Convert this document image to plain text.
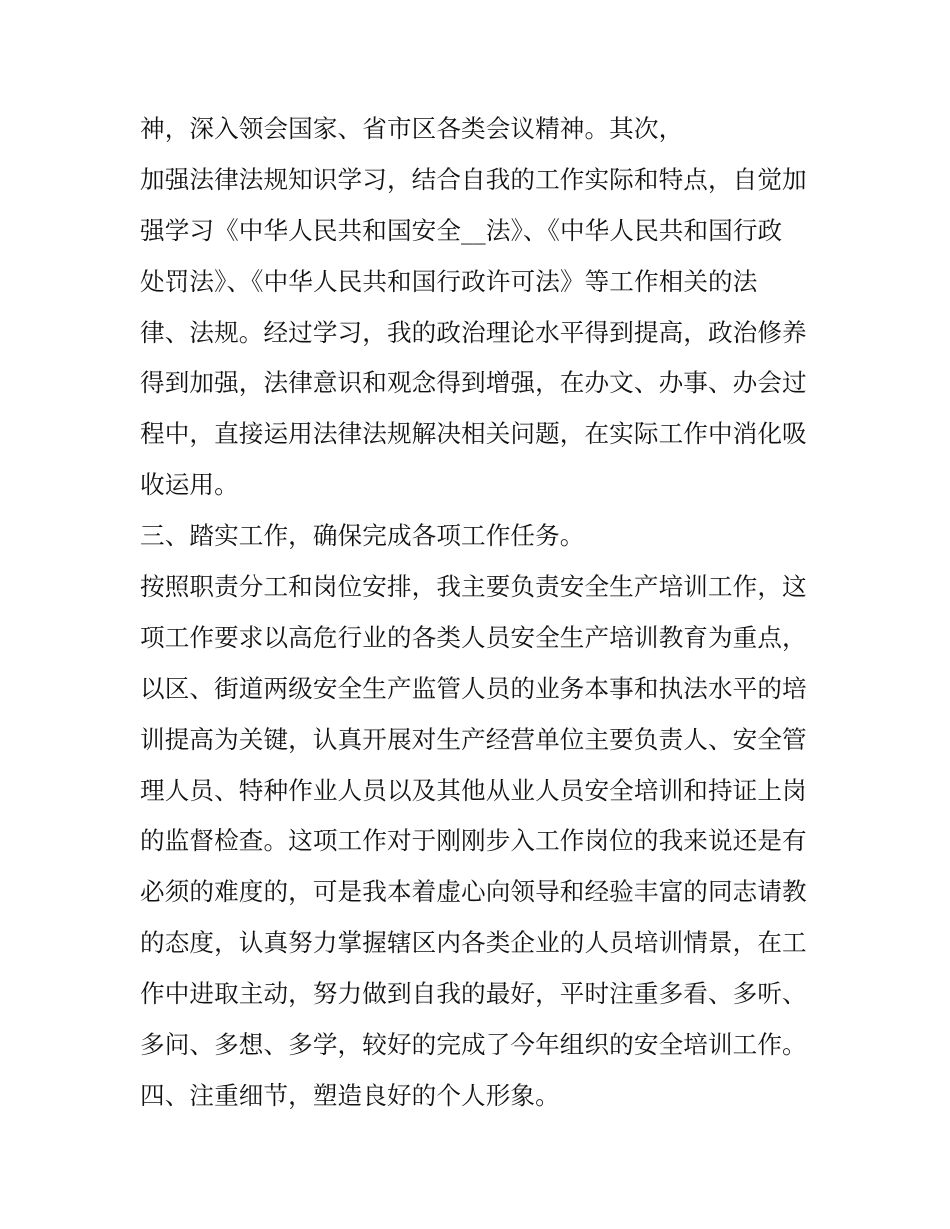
神，深入领会国家、省市区各类会议精神。其次，
加强法律法规知识学习，结合自我的工作实际和特点，自觉加
强学习《中华人民共和国安全__法》、《中华人民共和国行政
处罚法》、《中华人民共和国行政许可法》等工作相关的法
律、法规。经过学习，我的政治理论水平得到提高，政治修养
得到加强，法律意识和观念得到增强，在办文、办事、办会过
程中，直接运用法律法规解决相关问题，在实际工作中消化吸
收运用。
三、踏实工作，确保完成各项工作任务。
按照职责分工和岗位安排，我主要负责安全生产培训工作，这
项工作要求以高危行业的各类人员安全生产培训教育为重点，
以区、街道两级安全生产监管人员的业务本事和执法水平的培
训提高为关键，认真开展对生产经营单位主要负责人、安全管
理人员、特种作业人员以及其他从业人员安全培训和持证上岗
的监督检查。这项工作对于刚刚步入工作岗位的我来说还是有
必须的难度的，可是我本着虚心向领导和经验丰富的同志请教
的态度，认真努力掌握辖区内各类企业的人员培训情景，在工
作中进取主动，努力做到自我的最好，平时注重多看、多听、
多问、多想、多学，较好的完成了今年组织的安全培训工作。
四、注重细节，塑造良好的个人形象。
